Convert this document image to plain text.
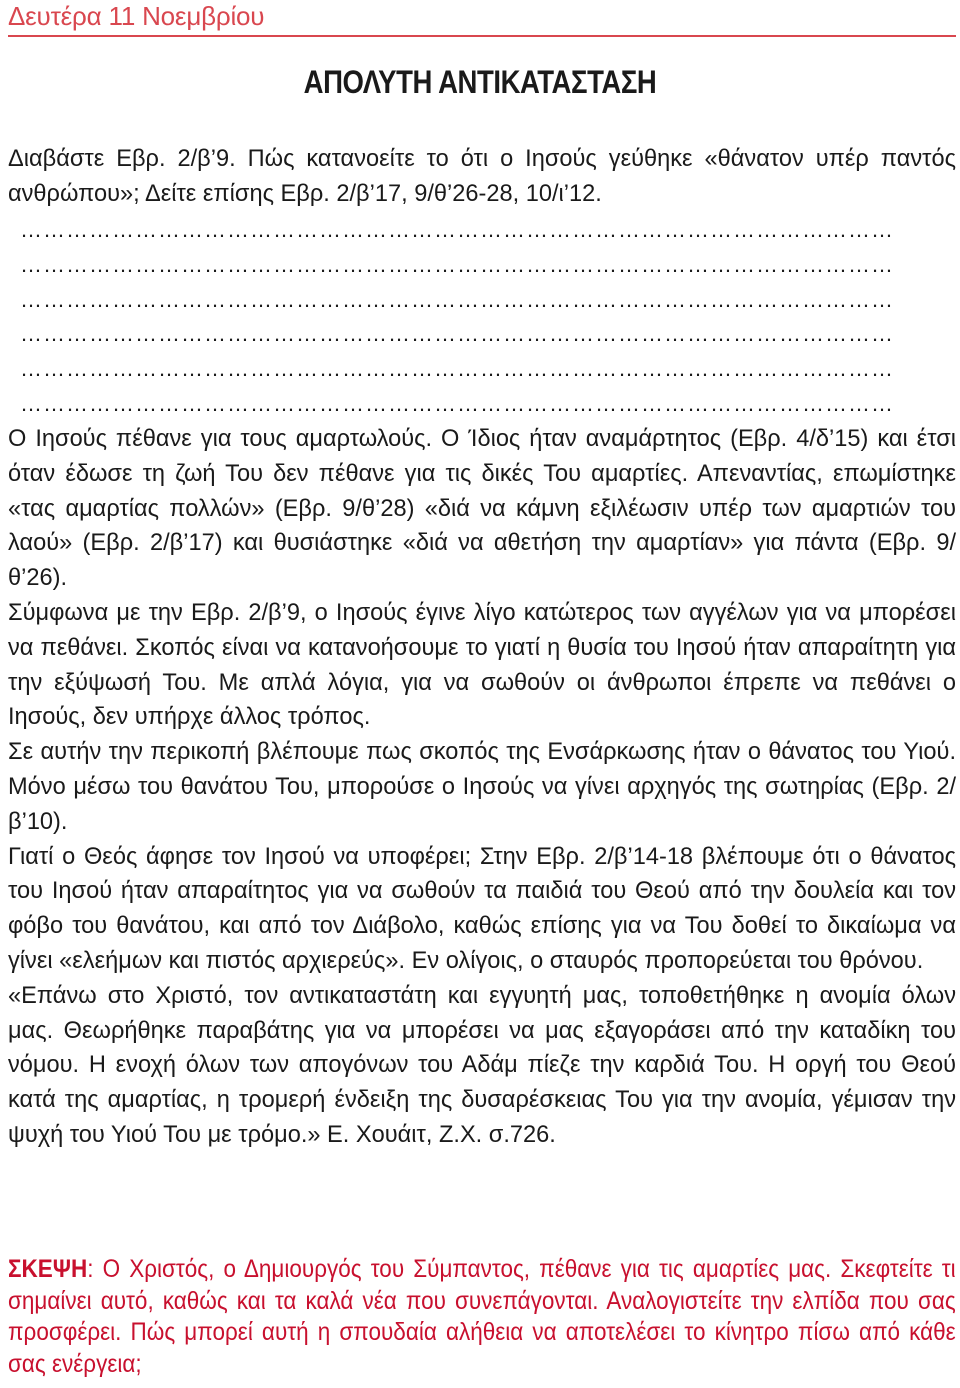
Δευτέρα 11 Νοεμβρίου
ΑΠΟΛΥΤΗ ΑΝΤΙΚΑΤΑΣΤΑΣΗ

Διαβάστε Εβρ. 2/β’9. Πώς κατανοείτε το ότι ο Ιησούς γεύθηκε «θάνατον υπέρ παντός ανθρώπου»; Δείτε επίσης Εβρ. 2/β’17, 9/θ’26-28, 10/ι’12.

……………………………………………………………………………………………………
……………………………………………………………………………………………………
……………………………………………………………………………………………………
……………………………………………………………………………………………………
……………………………………………………………………………………………………
……………………………………………………………………………………………………

Ο Ιησούς πέθανε για τους αμαρτωλούς. Ο Ίδιος ήταν αναμάρτητος (Εβρ. 4/δ’15) και έτσι όταν έδωσε τη ζωή Του δεν πέθανε για τις δικές Του αμαρτίες. Απεναντίας, επωμίστηκε «τας αμαρτίας πολλών» (Εβρ. 9/θ’28) «διά να κάμνη εξιλέωσιν υπέρ των αμαρτιών του λαού» (Εβρ. 2/β’17) και θυσιάστηκε «διά να αθετήση την αμαρτίαν» για πάντα (Εβρ. 9/θ’26).

Σύμφωνα με την Εβρ. 2/β’9, ο Ιησούς έγινε λίγο κατώτερος των αγγέλων για να μπορέσει να πεθάνει. Σκοπός είναι να κατανοήσουμε το γιατί η θυσία του Ιησού ήταν απαραίτητη για την εξύψωσή Του. Με απλά λόγια, για να σωθούν οι άνθρωποι έπρεπε να πεθάνει ο Ιησούς, δεν υπήρχε άλλος τρόπος.

Σε αυτήν την περικοπή βλέπουμε πως σκοπός της Ενσάρκωσης ήταν ο θάνατος του Υιού. Μόνο μέσω του θανάτου Του, μπορούσε ο Ιησούς να γίνει αρχηγός της σωτηρίας (Εβρ. 2/β’10).

Γιατί ο Θεός άφησε τον Ιησού να υποφέρει; Στην Εβρ. 2/β’14-18 βλέπουμε ότι ο θάνατος του Ιησού ήταν απαραίτητος για να σωθούν τα παιδιά του Θεού από την δουλεία και τον φόβο του θανάτου, και από τον Διάβολο, καθώς επίσης για να Του δοθεί το δικαίωμα να γίνει «ελεήμων και πιστός αρχιερεύς». Εν ολίγοις, ο σταυρός προπορεύεται του θρόνου.

«Επάνω στο Χριστό, τον αντικαταστάτη και εγγυητή μας, τοποθετήθηκε η ανομία όλων μας. Θεωρήθηκε παραβάτης για να μπορέσει να μας εξαγοράσει από την καταδίκη του νόμου. Η ενοχή όλων των απογόνων του Αδάμ πίεζε την καρδιά Του. Η οργή του Θεού κατά της αμαρτίας, η τρομερή ένδειξη της δυσαρέσκειας Του για την ανομία, γέμισαν την ψυχή του Υιού Του με τρόμο.» Ε. Χουάιτ, Ζ.Χ. σ.726.

ΣΚΕΨΗ: Ο Χριστός, ο Δημιουργός του Σύμπαντος, πέθανε για τις αμαρτίες μας. Σκεφτείτε τι σημαίνει αυτό, καθώς και τα καλά νέα που συνεπάγονται. Αναλογιστείτε την ελπίδα που σας προσφέρει. Πώς μπορεί αυτή η σπουδαία αλήθεια να αποτελέσει το κίνητρο πίσω από κάθε σας ενέργεια;
